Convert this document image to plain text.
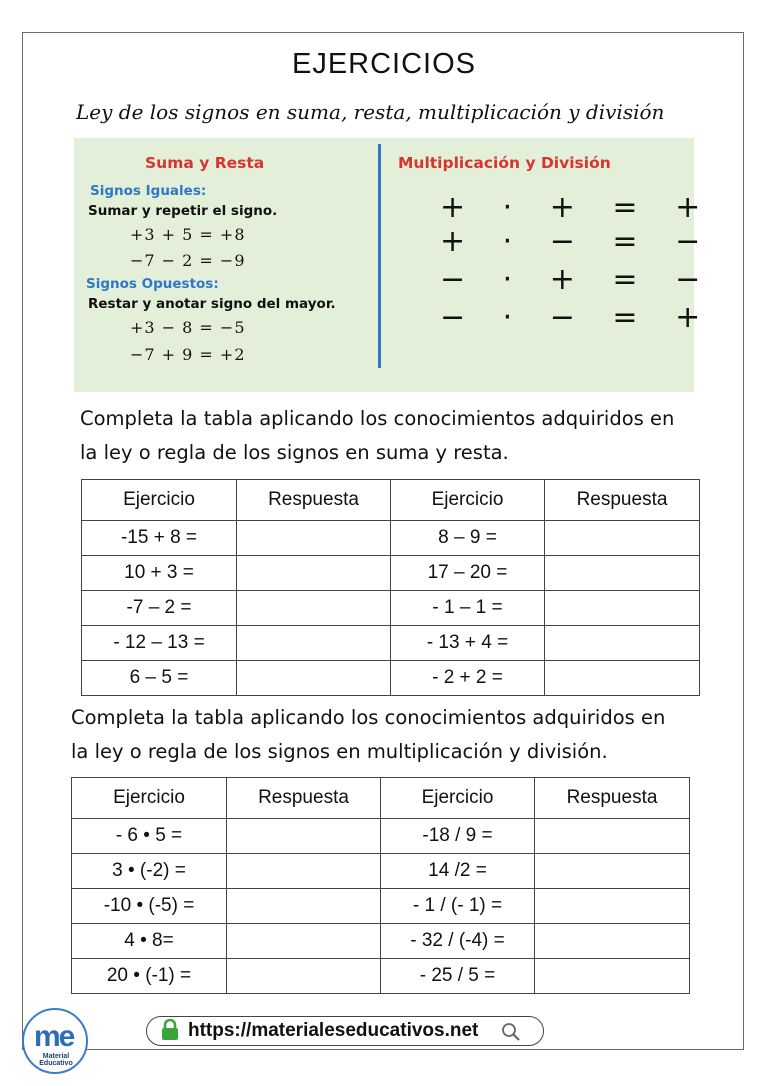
EJERCICIOS
Ley de los signos en suma, resta, multiplicación y división
Suma y Resta
Signos Iguales:
Sumar y repetir el signo.
+3 + 5 = +8
−7 − 2 = −9
Signos Opuestos:
Restar y anotar signo del mayor.
+3 − 8 = −5
−7 + 9 = +2
Multiplicación y División
+ · + = +
+ · − = −
− · + = −
− · − = +
Completa la tabla aplicando los conocimientos adquiridos en
la ley o regla de los signos en suma y resta.
Ejercicio	Respuesta	Ejercicio	Respuesta
-15 + 8 =		8 – 9 =	
10 + 3 =		17 – 20 =	
-7 – 2 =		- 1 – 1 =	
- 12 – 13 =		- 13 + 4 =	
6 – 5 =		- 2 + 2 =	
Completa la tabla aplicando los conocimientos adquiridos en
la ley o regla de los signos en multiplicación y división.
Ejercicio	Respuesta	Ejercicio	Respuesta
- 6 • 5 =		-18 / 9 =	
3 • (-2) =		14 /2 =	
-10 • (-5) =		- 1 / (- 1) =	
4 • 8=		- 32 / (-4) =	
20 • (-1) =		- 25 / 5 =	
me
Material Educativo
https://materialeseducativos.net
